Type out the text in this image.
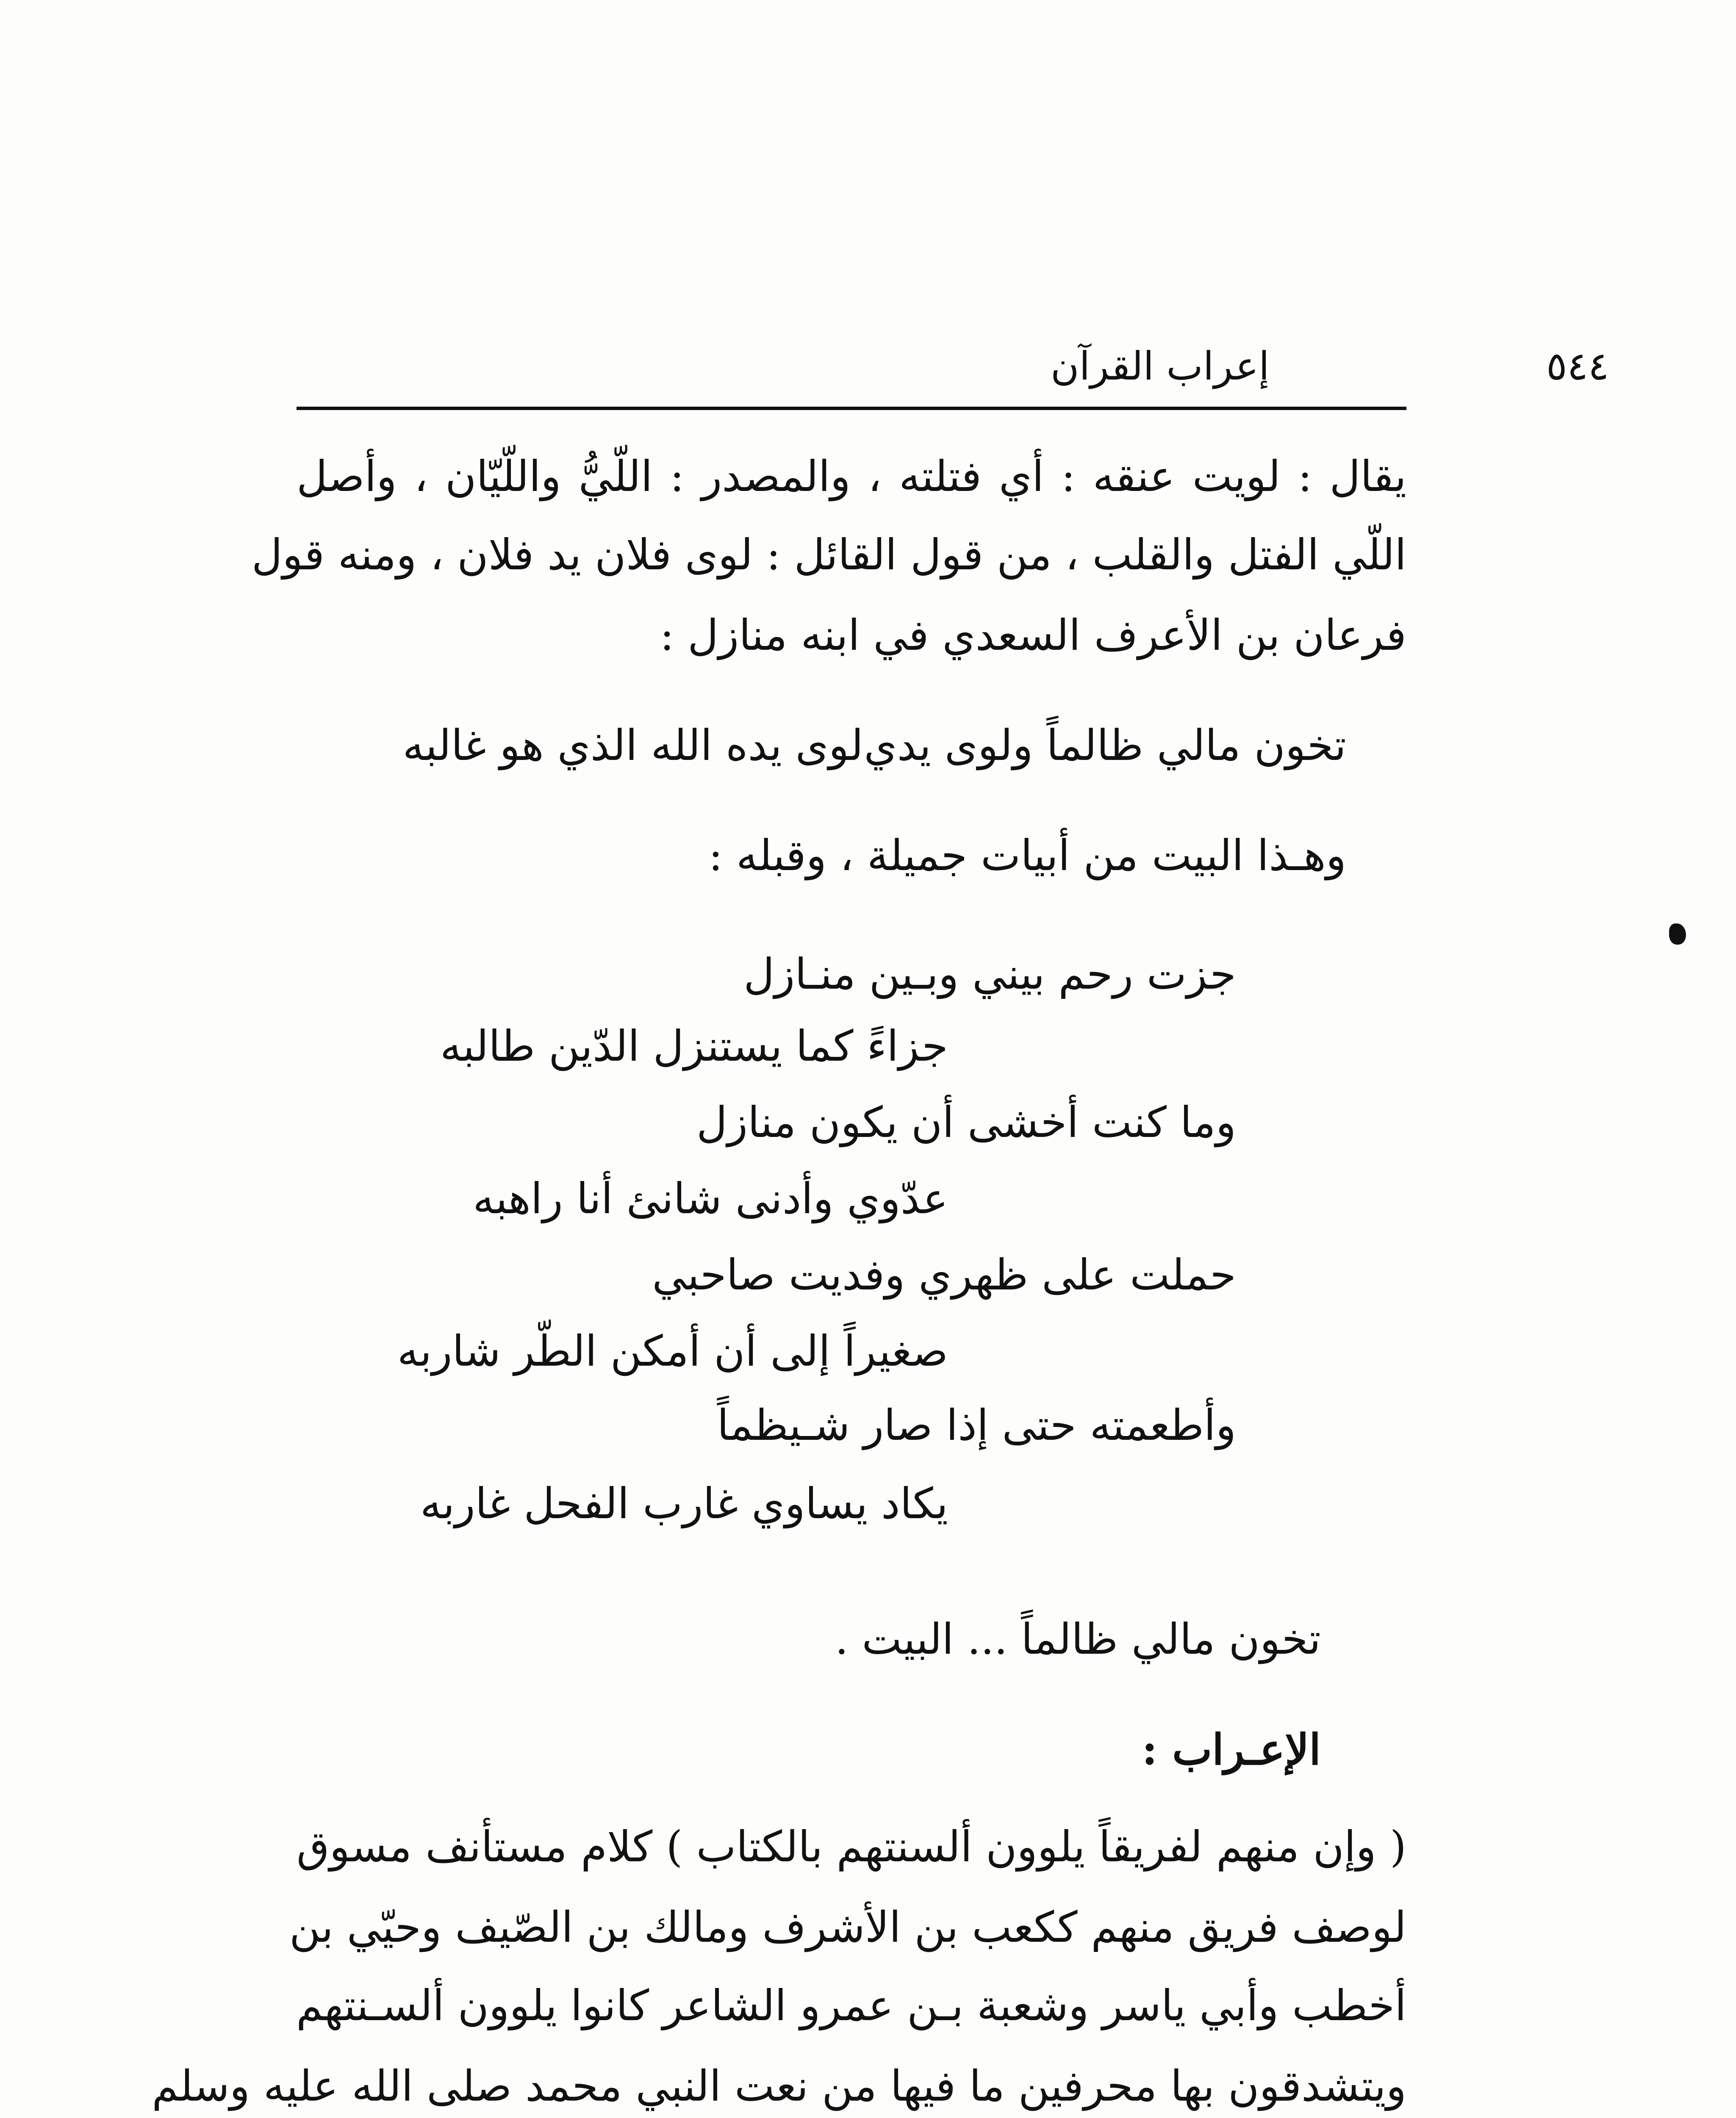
٥٤٤
إعراب القرآن
يقال : لويت عنقه : أي فتلته ، والمصدر : اللّيُّ واللّيّان ، وأصل
اللّي الفتل والقلب ، من قول القائل : لوى فلان يد فلان ، ومنه قول
فرعان بن الأعرف السعدي في ابنه منازل :
تخون مالي ظالماً ولوى يدي
لوى يده الله الذي هو غالبه
وهـذا البيت من أبيات جميلة ، وقبله :
جزت رحم بيني وبـين منـازل
جزاءً كما يستنزل الدّين طالبه
وما كنت أخشى أن يكون منازل
عدّوي وأدنى شانئ أنا راهبه
حملت على ظهري وفديت صاحبي
صغيراً إلى أن أمكن الطّر شاربه
وأطعمته حتى إذا صار شـيظماً
يكاد يساوي غارب الفحل غاربه
تخون مالي ظالماً ... البيت .
الإعـراب :
( وإن منهم لفريقاً يلوون ألسنتهم بالكتاب ) كلام مستأنف مسوق
لوصف فريق منهم ككعب بن الأشرف ومالك بن الصّيف وحيّي بن
أخطب وأبي ياسر وشعبة بـن عمرو الشاعر كانوا يلوون ألسـنتهم
ويتشدقون بها محرفين ما فيها من نعت النبي محمد صلى الله عليه وسلم
